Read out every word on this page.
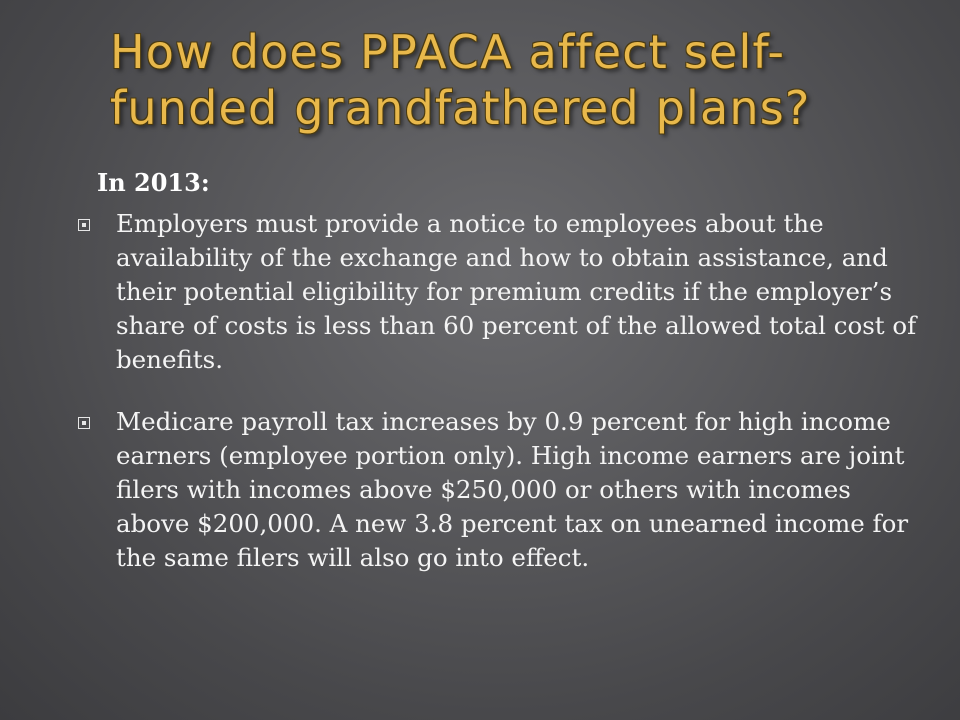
How does PPACA affect self-
funded grandfathered plans?
In 2013:
Employers must provide a notice to employees about the availability of the exchange and how to obtain assistance, and their potential eligibility for premium credits if the employer’s share of costs is less than 60 percent of the allowed total cost of benefits.
Medicare payroll tax increases by 0.9 percent for high income earners (employee portion only). High income earners are joint filers with incomes above $250,000 or others with incomes above $200,000. A new 3.8 percent tax on unearned income for the same filers will also go into effect.
